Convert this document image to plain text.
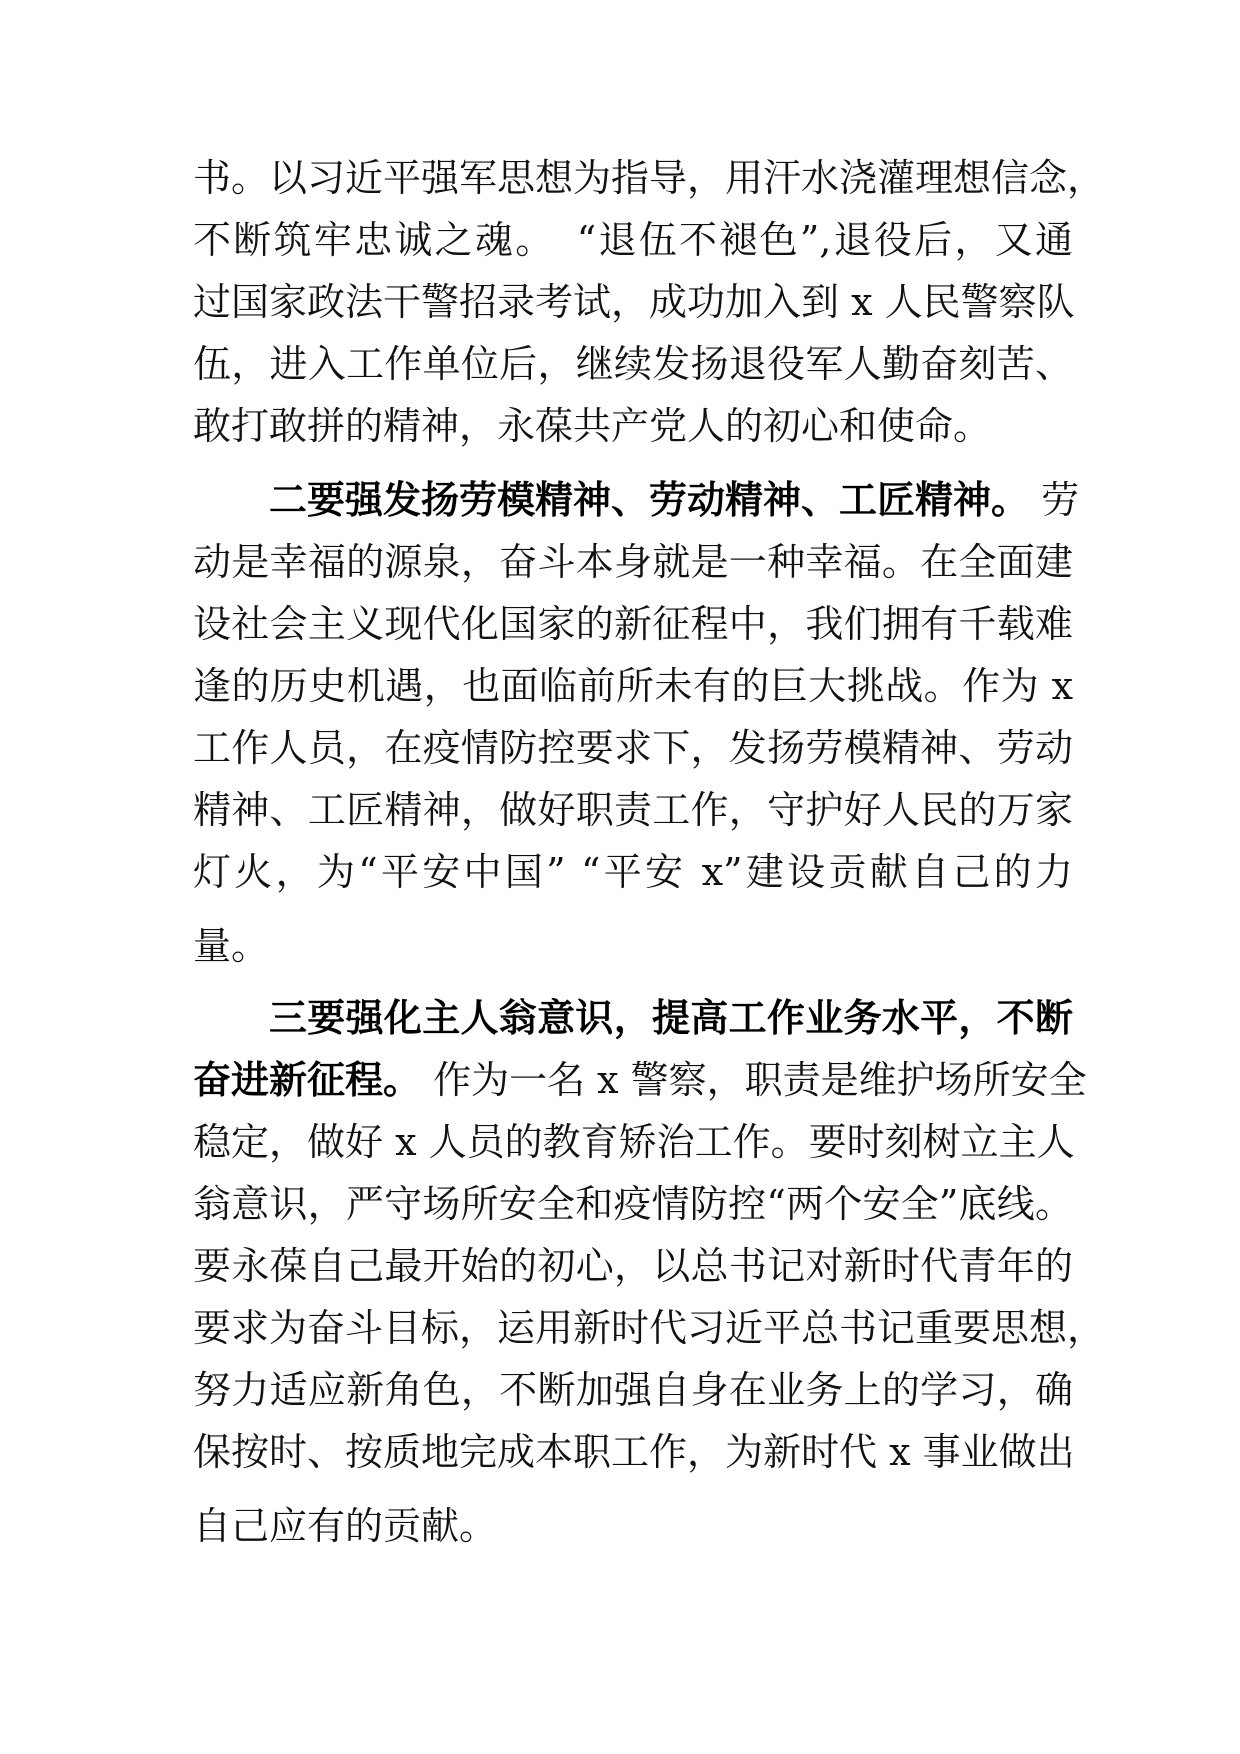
书。以习近平强军思想为指导，用汗水浇灌理想信念，
不断筑牢忠诚之魂。　“退伍不褪色”,退役后，又通
过国家政法干警招录考试，成功加入到 x 人民警察队
伍，进入工作单位后，继续发扬退役军人勤奋刻苦、
敢打敢拼的精神，永葆共产党人的初心和使命。
二要强发扬劳模精神、劳动精神、工匠精神。 劳
动是幸福的源泉，奋斗本身就是一种幸福。在全面建
设社会主义现代化国家的新征程中，我们拥有千载难
逢的历史机遇，也面临前所未有的巨大挑战。作为 x
工作人员，在疫情防控要求下，发扬劳模精神、劳动
精神、工匠精神，做好职责工作，守护好人民的万家
灯火，为“平安中国” “平安 x”建设贡献自己的力
量。
三要强化主人翁意识，提高工作业务水平，不断
奋进新征程。 作为一名 x 警察，职责是维护场所安全
稳定，做好 x 人员的教育矫治工作。要时刻树立主人
翁意识，严守场所安全和疫情防控“两个安全”底线。
要永葆自己最开始的初心，以总书记对新时代青年的
要求为奋斗目标，运用新时代习近平总书记重要思想，
努力适应新角色，不断加强自身在业务上的学习，确
保按时、按质地完成本职工作，为新时代 x 事业做出
自己应有的贡献。
